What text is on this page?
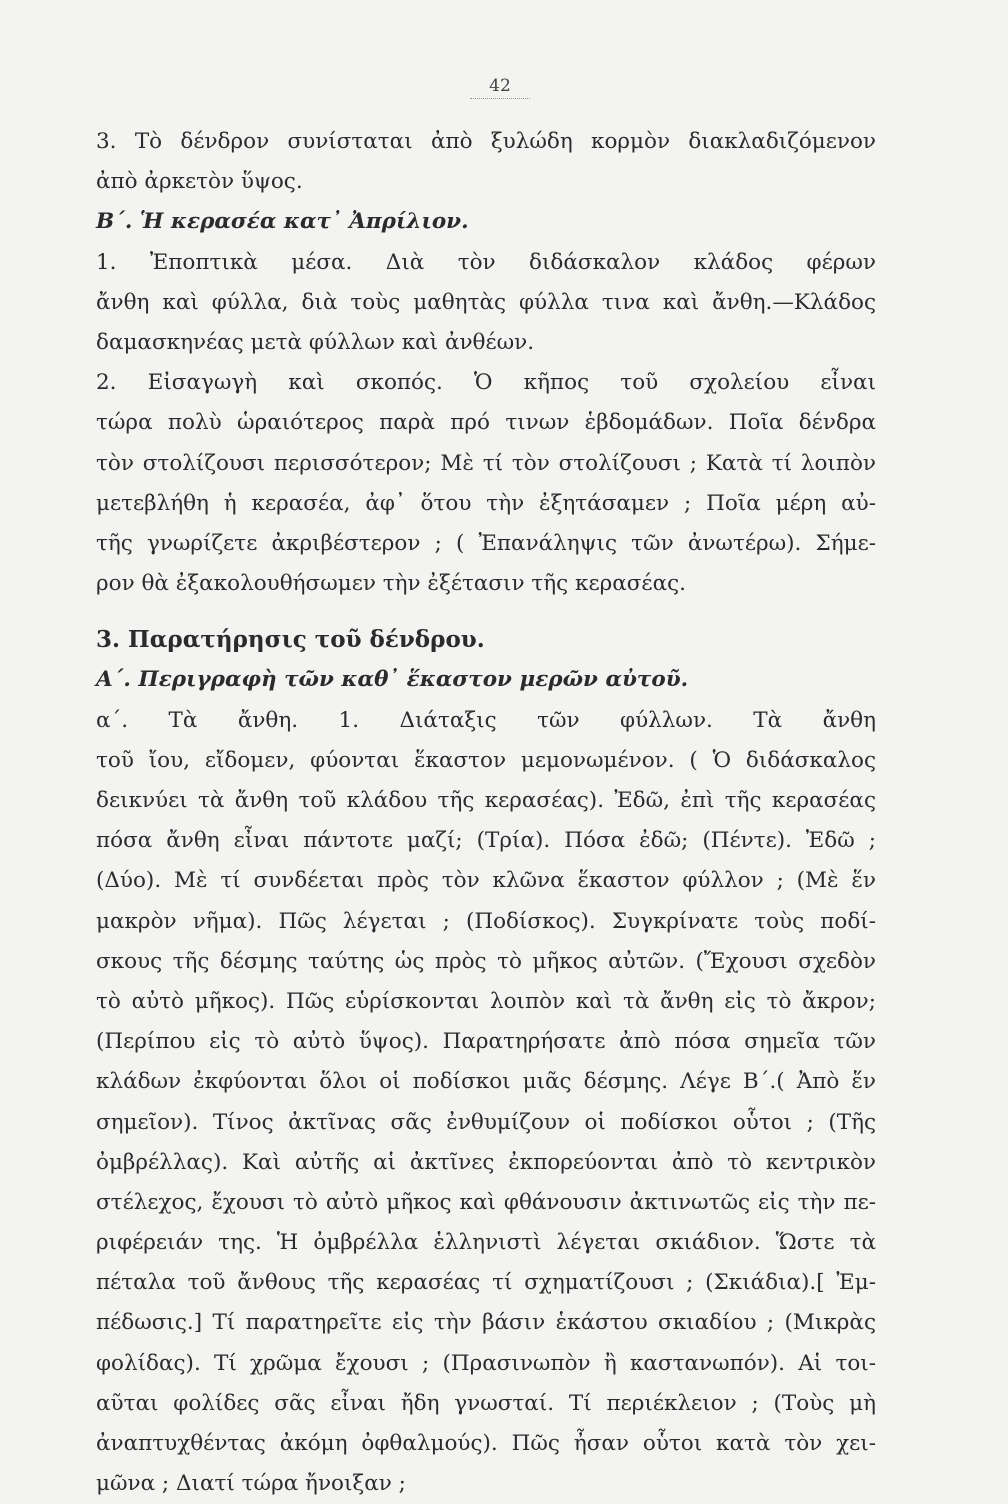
42
3. Τὸ δένδρον συνίσταται ἀπὸ ξυλώδη κορμὸν διακλαδιζόμενον
ἀπὸ ἀρκετὸν ὕψος.
Β΄. Ἡ κερασέα κατ᾽ Ἀπρίλιον.
1. Ἐποπτικὰ μέσα. Διὰ τὸν διδάσκαλον κλάδος φέρων
ἄνθη καὶ φύλλα, διὰ τοὺς μαθητὰς φύλλα τινα καὶ ἄνθη.—Κλάδος
δαμασκηνέας μετὰ φύλλων καὶ ἀνθέων.
2. Εἰσαγωγὴ καὶ σκοπός. Ὁ κῆπος τοῦ σχολείου εἶναι
τώρα πολὺ ὡραιότερος παρὰ πρό τινων ἑβδομάδων. Ποῖα δένδρα
τὸν στολίζουσι περισσότερον; Μὲ τί τὸν στολίζουσι ; Κατὰ τί λοιπὸν
μετεβλήθη ἡ κερασέα, ἀφ᾽ ὅτου τὴν ἐξητάσαμεν ; Ποῖα μέρη αὐ-
τῆς γνωρίζετε ἀκριβέστερον ; ( Ἐπανάληψις τῶν ἀνωτέρω). Σήμε-
ρον θὰ ἐξακολουθήσωμεν τὴν ἐξέτασιν τῆς κερασέας.
3. Παρατήρησις τοῦ δένδρου.
Α΄. Περιγραφὴ τῶν καθ᾽ ἕκαστον μερῶν αὐτοῦ.
α΄. Τὰ ἄνθη. 1. Διάταξις τῶν φύλλων. Τὰ ἄνθη
τοῦ ἴου, εἴδομεν, φύονται ἕκαστον μεμονωμένον. ( Ὁ διδάσκαλος
δεικνύει τὰ ἄνθη τοῦ κλάδου τῆς κερασέας). Ἐδῶ, ἐπὶ τῆς κερασέας
πόσα ἄνθη εἶναι πάντοτε μαζί; (Τρία). Πόσα ἐδῶ; (Πέντε). Ἐδῶ ;
(Δύο). Μὲ τί συνδέεται πρὸς τὸν κλῶνα ἕκαστον φύλλον ; (Μὲ ἕν
μακρὸν νῆμα). Πῶς λέγεται ; (Ποδίσκος). Συγκρίνατε τοὺς ποδί-
σκους τῆς δέσμης ταύτης ὡς πρὸς τὸ μῆκος αὐτῶν. (Ἔχουσι σχεδὸν
τὸ αὐτὸ μῆκος). Πῶς εὑρίσκονται λοιπὸν καὶ τὰ ἄνθη εἰς τὸ ἄκρον;
(Περίπου εἰς τὸ αὐτὸ ὕψος). Παρατηρήσατε ἀπὸ πόσα σημεῖα τῶν
κλάδων ἐκφύονται ὅλοι οἱ ποδίσκοι μιᾶς δέσμης. Λέγε Β΄.( Ἀπὸ ἕν
σημεῖον). Τίνος ἀκτῖνας σᾶς ἐνθυμίζουν οἱ ποδίσκοι οὗτοι ; (Τῆς
ὀμβρέλλας). Καὶ αὐτῆς αἱ ἀκτῖνες ἐκπορεύονται ἀπὸ τὸ κεντρικὸν
στέλεχος, ἔχουσι τὸ αὐτὸ μῆκος καὶ φθάνουσιν ἀκτινωτῶς εἰς τὴν πε-
ριφέρειάν της. Ἡ ὀμβρέλλα ἑλληνιστὶ λέγεται σκιάδιον. Ὥστε τὰ
πέταλα τοῦ ἄνθους τῆς κερασέας τί σχηματίζουσι ; (Σκιάδια).[ Ἐμ-
πέδωσις.] Τί παρατηρεῖτε εἰς τὴν βάσιν ἑκάστου σκιαδίου ; (Μικρὰς
φολίδας). Τί χρῶμα ἔχουσι ; (Πρασινωπὸν ἢ καστανωπόν). Αἱ τοι-
αῦται φολίδες σᾶς εἶναι ἤδη γνωσταί. Τί περιέκλειον ; (Τοὺς μὴ
ἀναπτυχθέντας ἀκόμη ὀφθαλμούς). Πῶς ἦσαν οὗτοι κατὰ τὸν χει-
μῶνα ; Διατί τώρα ἤνοιξαν ;
